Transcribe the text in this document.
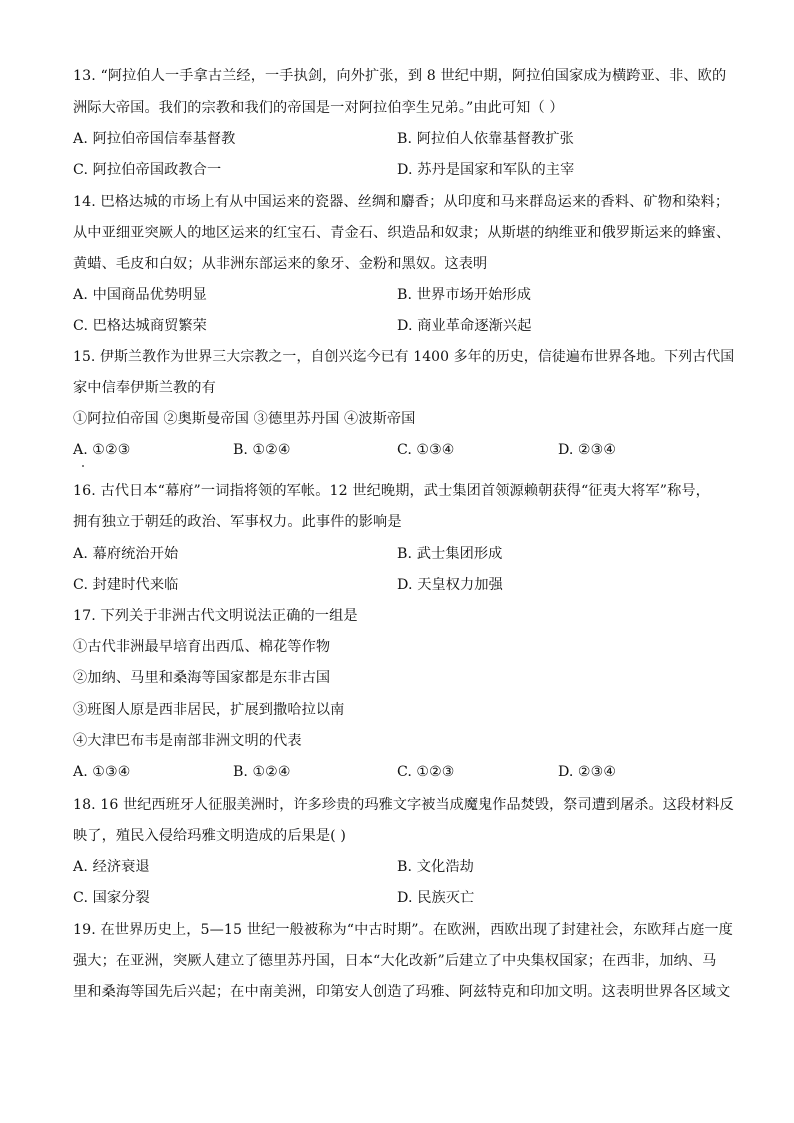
13. “阿拉伯人一手拿古兰经，一手执剑，向外扩张，到 8 世纪中期，阿拉伯国家成为横跨亚、非、欧的
洲际大帝国。我们的宗教和我们的帝国是一对阿拉伯孪生兄弟。”由此可知（ ）
A. 阿拉伯帝国信奉基督教	B. 阿拉伯人依靠基督教扩张
C. 阿拉伯帝国政教合一	D. 苏丹是国家和军队的主宰
14. 巴格达城的市场上有从中国运来的瓷器、丝绸和麝香；从印度和马来群岛运来的香料、矿物和染料；
从中亚细亚突厥人的地区运来的红宝石、青金石、织造品和奴隶；从斯堪的纳维亚和俄罗斯运来的蜂蜜、
黄蜡、毛皮和白奴；从非洲东部运来的象牙、金粉和黑奴。这表明
A. 中国商品优势明显	B. 世界市场开始形成
C. 巴格达城商贸繁荣	D. 商业革命逐渐兴起
15. 伊斯兰教作为世界三大宗教之一，自创兴迄今已有 1400 多年的历史，信徒遍布世界各地。下列古代国
家中信奉伊斯兰教的有
①阿拉伯帝国 ②奥斯曼帝国 ③德里苏丹国 ④波斯帝国
A. ①②③	B. ①②④	C. ①③④	D. ②③④
16. 古代日本“幕府”一词指将领的军帐。12 世纪晚期，武士集团首领源赖朝获得“征夷大将军”称号，
拥有独立于朝廷的政治、军事权力。此事件的影响是
A. 幕府统治开始	B. 武士集团形成
C. 封建时代来临	D. 天皇权力加强
17. 下列关于非洲古代文明说法正确的一组是
①古代非洲最早培育出西瓜、棉花等作物
②加纳、马里和桑海等国家都是东非古国
③班图人原是西非居民，扩展到撒哈拉以南
④大津巴布韦是南部非洲文明的代表
A. ①③④	B. ①②④	C. ①②③	D. ②③④
18. 16 世纪西班牙人征服美洲时，许多珍贵的玛雅文字被当成魔鬼作品焚毁，祭司遭到屠杀。这段材料反
映了，殖民入侵给玛雅文明造成的后果是( )
A. 经济衰退	B. 文化浩劫
C. 国家分裂	D. 民族灭亡
19. 在世界历史上，5—15 世纪一般被称为“中古时期”。在欧洲，西欧出现了封建社会，东欧拜占庭一度
强大；在亚洲，突厥人建立了德里苏丹国，日本“大化改新”后建立了中央集权国家；在西非，加纳、马
里和桑海等国先后兴起；在中南美洲，印第安人创造了玛雅、阿兹特克和印加文明。这表明世界各区域文
